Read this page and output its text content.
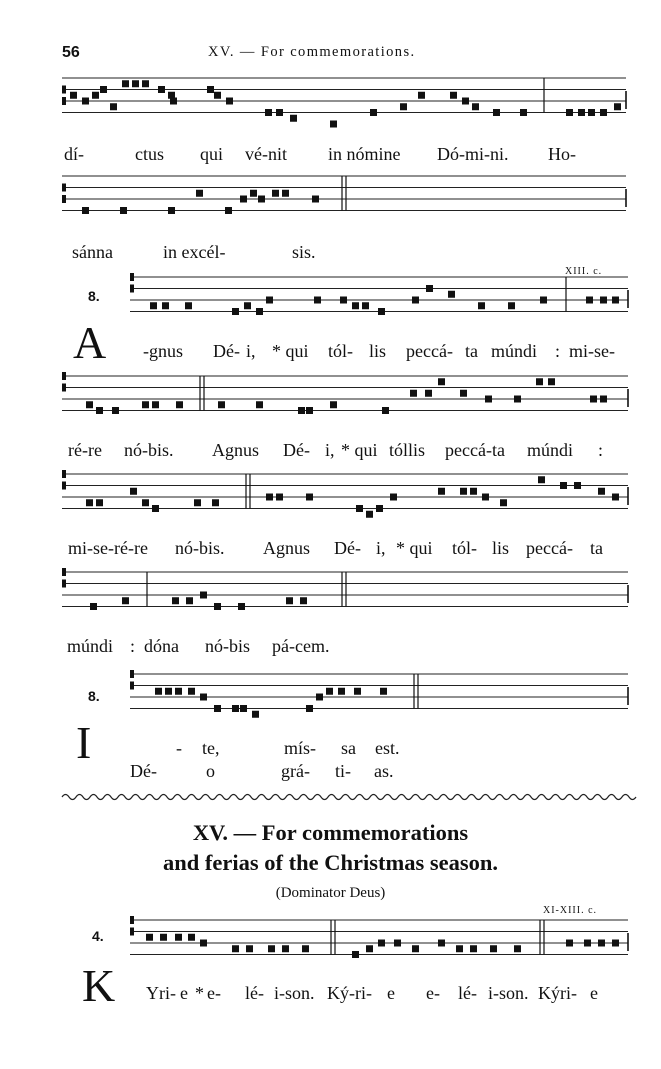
56	XV. — For commemorations.
dí-	ctus qui vé-nit in nómine Dó-mi-ni. Ho-
sánna	in excél-	sis.
XIII. c.
8.
A -gnus Dé- i, * qui tól- lis peccá- ta múndi : mi-se-
ré-re nó-bis. Agnus Dé- i, * qui tóllis peccá-ta múndi :
mi-se-ré-re nó-bis. Agnus Dé- i, * qui tól- lis peccá- ta
múndi : dóna nó-bis pá-cem.
8.
I	- te,	mís- sa est.
Dé-	o	grá- ti- as.
XV. — For commemorations
and ferias of the Christmas season.
(Dominator Deus)
XI-XIII. c.
4.
K Yri- e * e- lé- i-son. Ký-ri- e e- lé- i-son. Kýri- e
